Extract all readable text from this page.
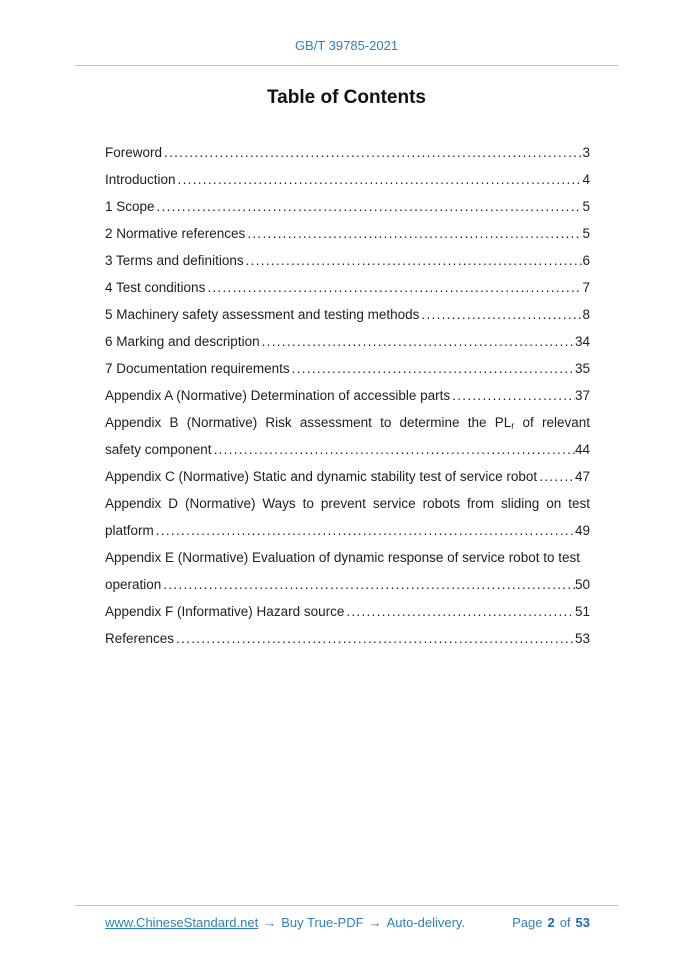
GB/T 39785-2021
Table of Contents
Foreword .....	3
Introduction .....	4
1 Scope .....	5
2 Normative references .....	5
3 Terms and definitions .....	6
4 Test conditions .....	7
5 Machinery safety assessment and testing methods .....	8
6 Marking and description .....	34
7 Documentation requirements .....	35
Appendix A (Normative) Determination of accessible parts .....	37
Appendix B (Normative) Risk assessment to determine the $PL_r$ of relevant
safety component .....	44
Appendix C (Normative) Static and dynamic stability test of service robot .....	47
Appendix D (Normative) Ways to prevent service robots from sliding on test
platform .....	49
Appendix E (Normative) Evaluation of dynamic response of service robot to test
operation .....	50
Appendix F (Informative) Hazard source .....	51
References .....	53
www.ChineseStandard.net → Buy True-PDF → Auto-delivery.	Page 2 of 53
